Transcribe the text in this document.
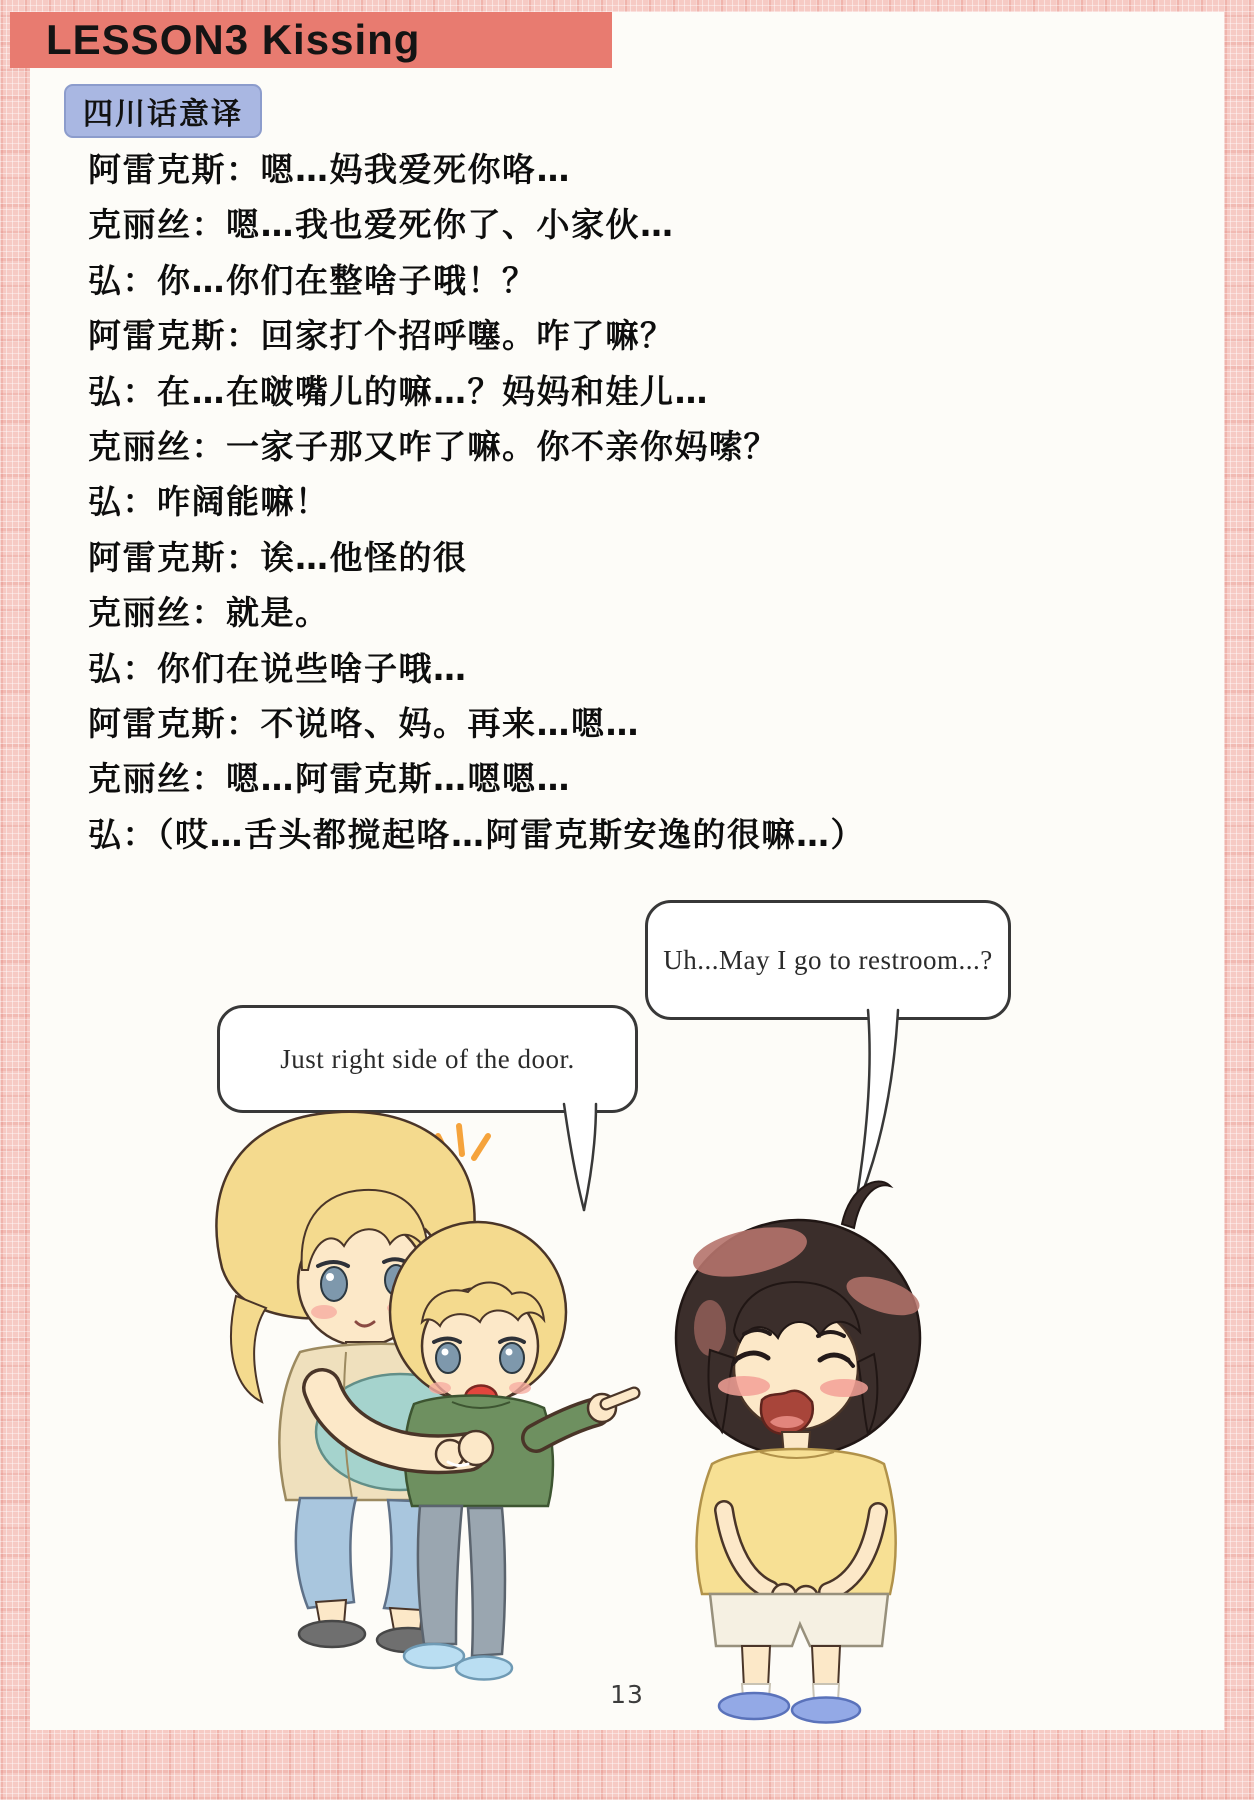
LESSON3 Kissing
四川话意译
阿雷克斯：嗯…妈我爱死你咯…
克丽丝：嗯…我也爱死你了、小家伙…
弘：你…你们在整啥子哦！？
阿雷克斯：回家打个招呼噻。咋了嘛？
弘：在…在啵嘴儿的嘛…？妈妈和娃儿…
克丽丝：一家子那又咋了嘛。你不亲你妈嗦？
弘：咋阔能嘛！
阿雷克斯：诶…他怪的很
克丽丝：就是。
弘：你们在说些啥子哦…
阿雷克斯：不说咯、妈。再来…嗯…
克丽丝：嗯…阿雷克斯…嗯嗯…
弘：（哎…舌头都搅起咯…阿雷克斯安逸的很嘛…）
Uh...May I go to restroom...?
Just right side of the door.
13
